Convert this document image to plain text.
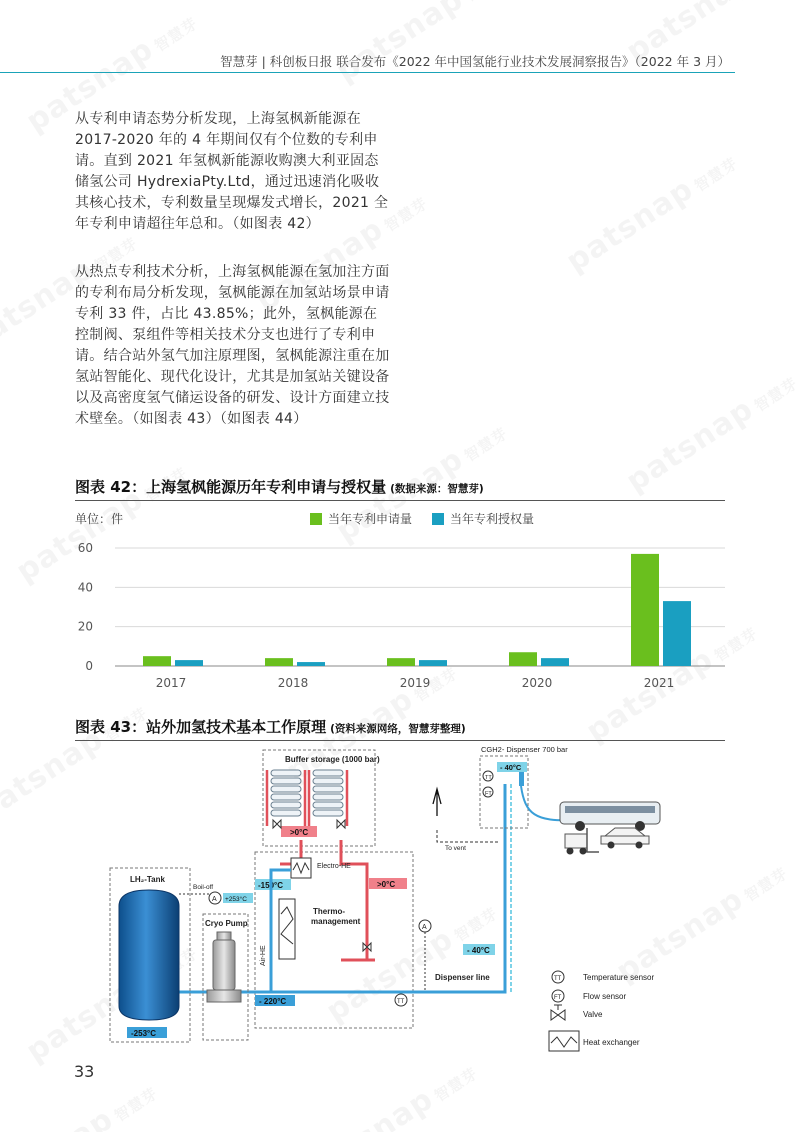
智慧芽 | 科创板日报 联合发布《2022 年中国氢能行业技术发展洞察报告》（2022 年 3 月）

从专利申请态势分析发现，上海氢枫新能源在 2017-2020 年的 4 年期间仅有个位数的专利申请。直到 2021 年氢枫新能源收购澳大利亚固态储氢公司 HydrexiaPty.Ltd，通过迅速消化吸收其核心技术，专利数量呈现爆发式增长，2021 全年专利申请超往年总和。（如图表 42）

从热点专利技术分析，上海氢枫能源在氢加注方面的专利布局分析发现，氢枫能源在加氢站场景申请专利 33 件，占比 43.85%；此外，氢枫能源在控制阀、泵组件等相关技术分支也进行了专利申请。结合站外氢气加注原理图，氢枫能源注重在加氢站智能化、现代化设计，尤其是加氢站关键设备以及高密度氢气储运设备的研发、设计方面建立技术壁垒。（如图表 43）（如图表 44）

图表 42：上海氢枫能源历年专利申请与授权量 (数据来源：智慧芽)
单位：件	当年专利申请量	当年专利授权量
0
20
40
60
2017	2018	2019	2020	2021
图表 43：站外加氢技术基本工作原理 (资料来源网络，智慧芽整理)
Buffer storage (1000 bar)
>0°C
Electro-HE
>0°C
-150°C
Thermo-
management
Air-HE
Dispenser line
- 220°C
- 40°C
A
TT
To vent
CGH2- Dispenser 700 bar
- 40°C
TT
FT
LH₂-Tank
-253°C
Boil-off
A +253°C
Cryo Pump
TT	Temperature sensor
FT	Flow sensor
Valve
Heat exchanger
33
